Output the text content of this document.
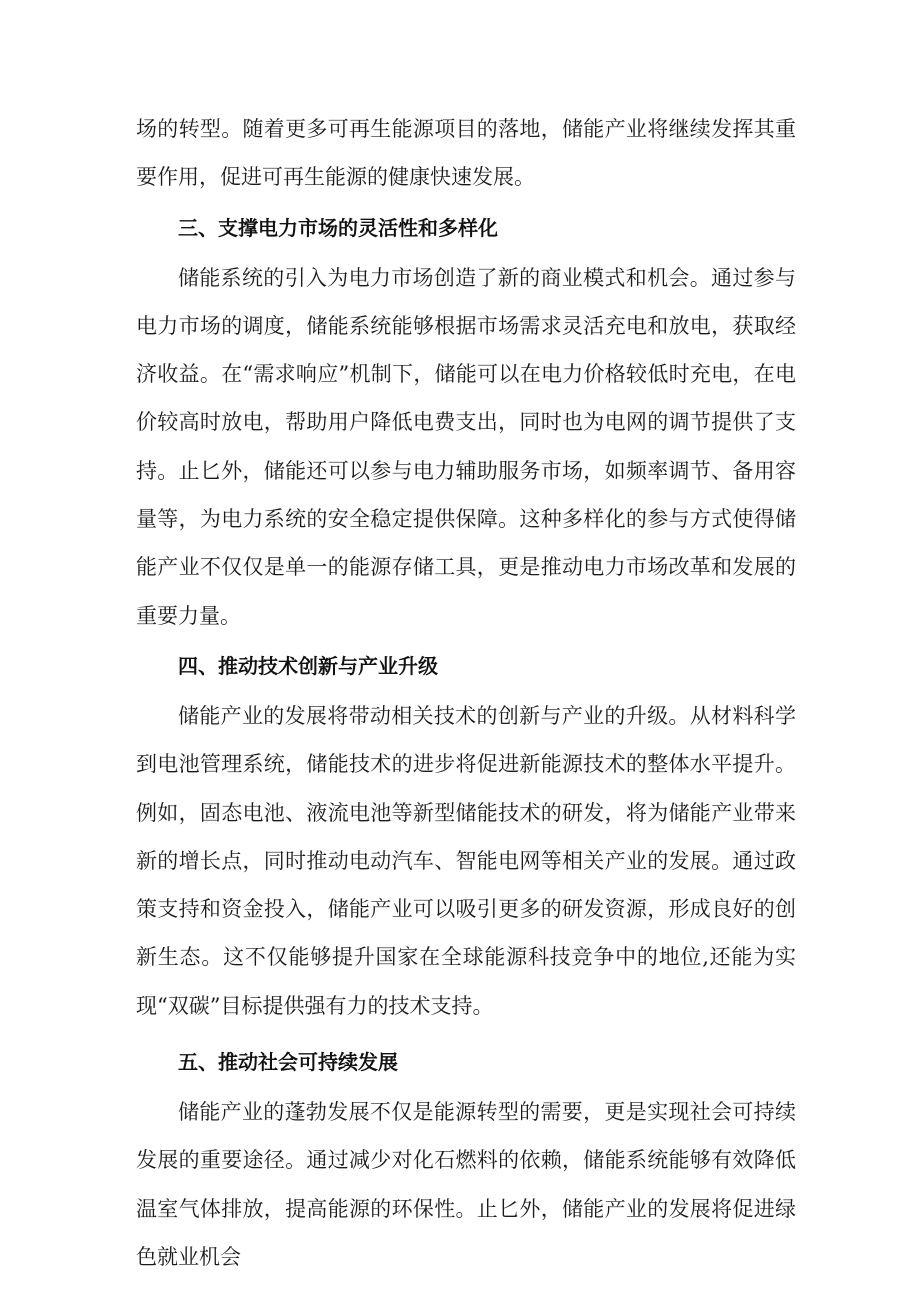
场的转型。随着更多可再生能源项目的落地，储能产业将继续发挥其重要作用，促进可再生能源的健康快速发展。

三、支撑电力市场的灵活性和多样化

储能系统的引入为电力市场创造了新的商业模式和机会。通过参与电力市场的调度，储能系统能够根据市场需求灵活充电和放电，获取经济收益。在“需求响应”机制下，储能可以在电力价格较低时充电，在电价较高时放电，帮助用户降低电费支出，同时也为电网的调节提供了支持。止匕外，储能还可以参与电力辅助服务市场，如频率调节、备用容量等，为电力系统的安全稳定提供保障。这种多样化的参与方式使得储能产业不仅仅是单一的能源存储工具，更是推动电力市场改革和发展的重要力量。

四、推动技术创新与产业升级

储能产业的发展将带动相关技术的创新与产业的升级。从材料科学到电池管理系统，储能技术的进步将促进新能源技术的整体水平提升。例如，固态电池、液流电池等新型储能技术的研发，将为储能产业带来新的增长点，同时推动电动汽车、智能电网等相关产业的发展。通过政策支持和资金投入，储能产业可以吸引更多的研发资源，形成良好的创新生态。这不仅能够提升国家在全球能源科技竞争中的地位,还能为实现“双碳”目标提供强有力的技术支持。

五、推动社会可持续发展

储能产业的蓬勃发展不仅是能源转型的需要，更是实现社会可持续发展的重要途径。通过减少对化石燃料的依赖，储能系统能够有效降低温室气体排放，提高能源的环保性。止匕外，储能产业的发展将促进绿色就业机会
